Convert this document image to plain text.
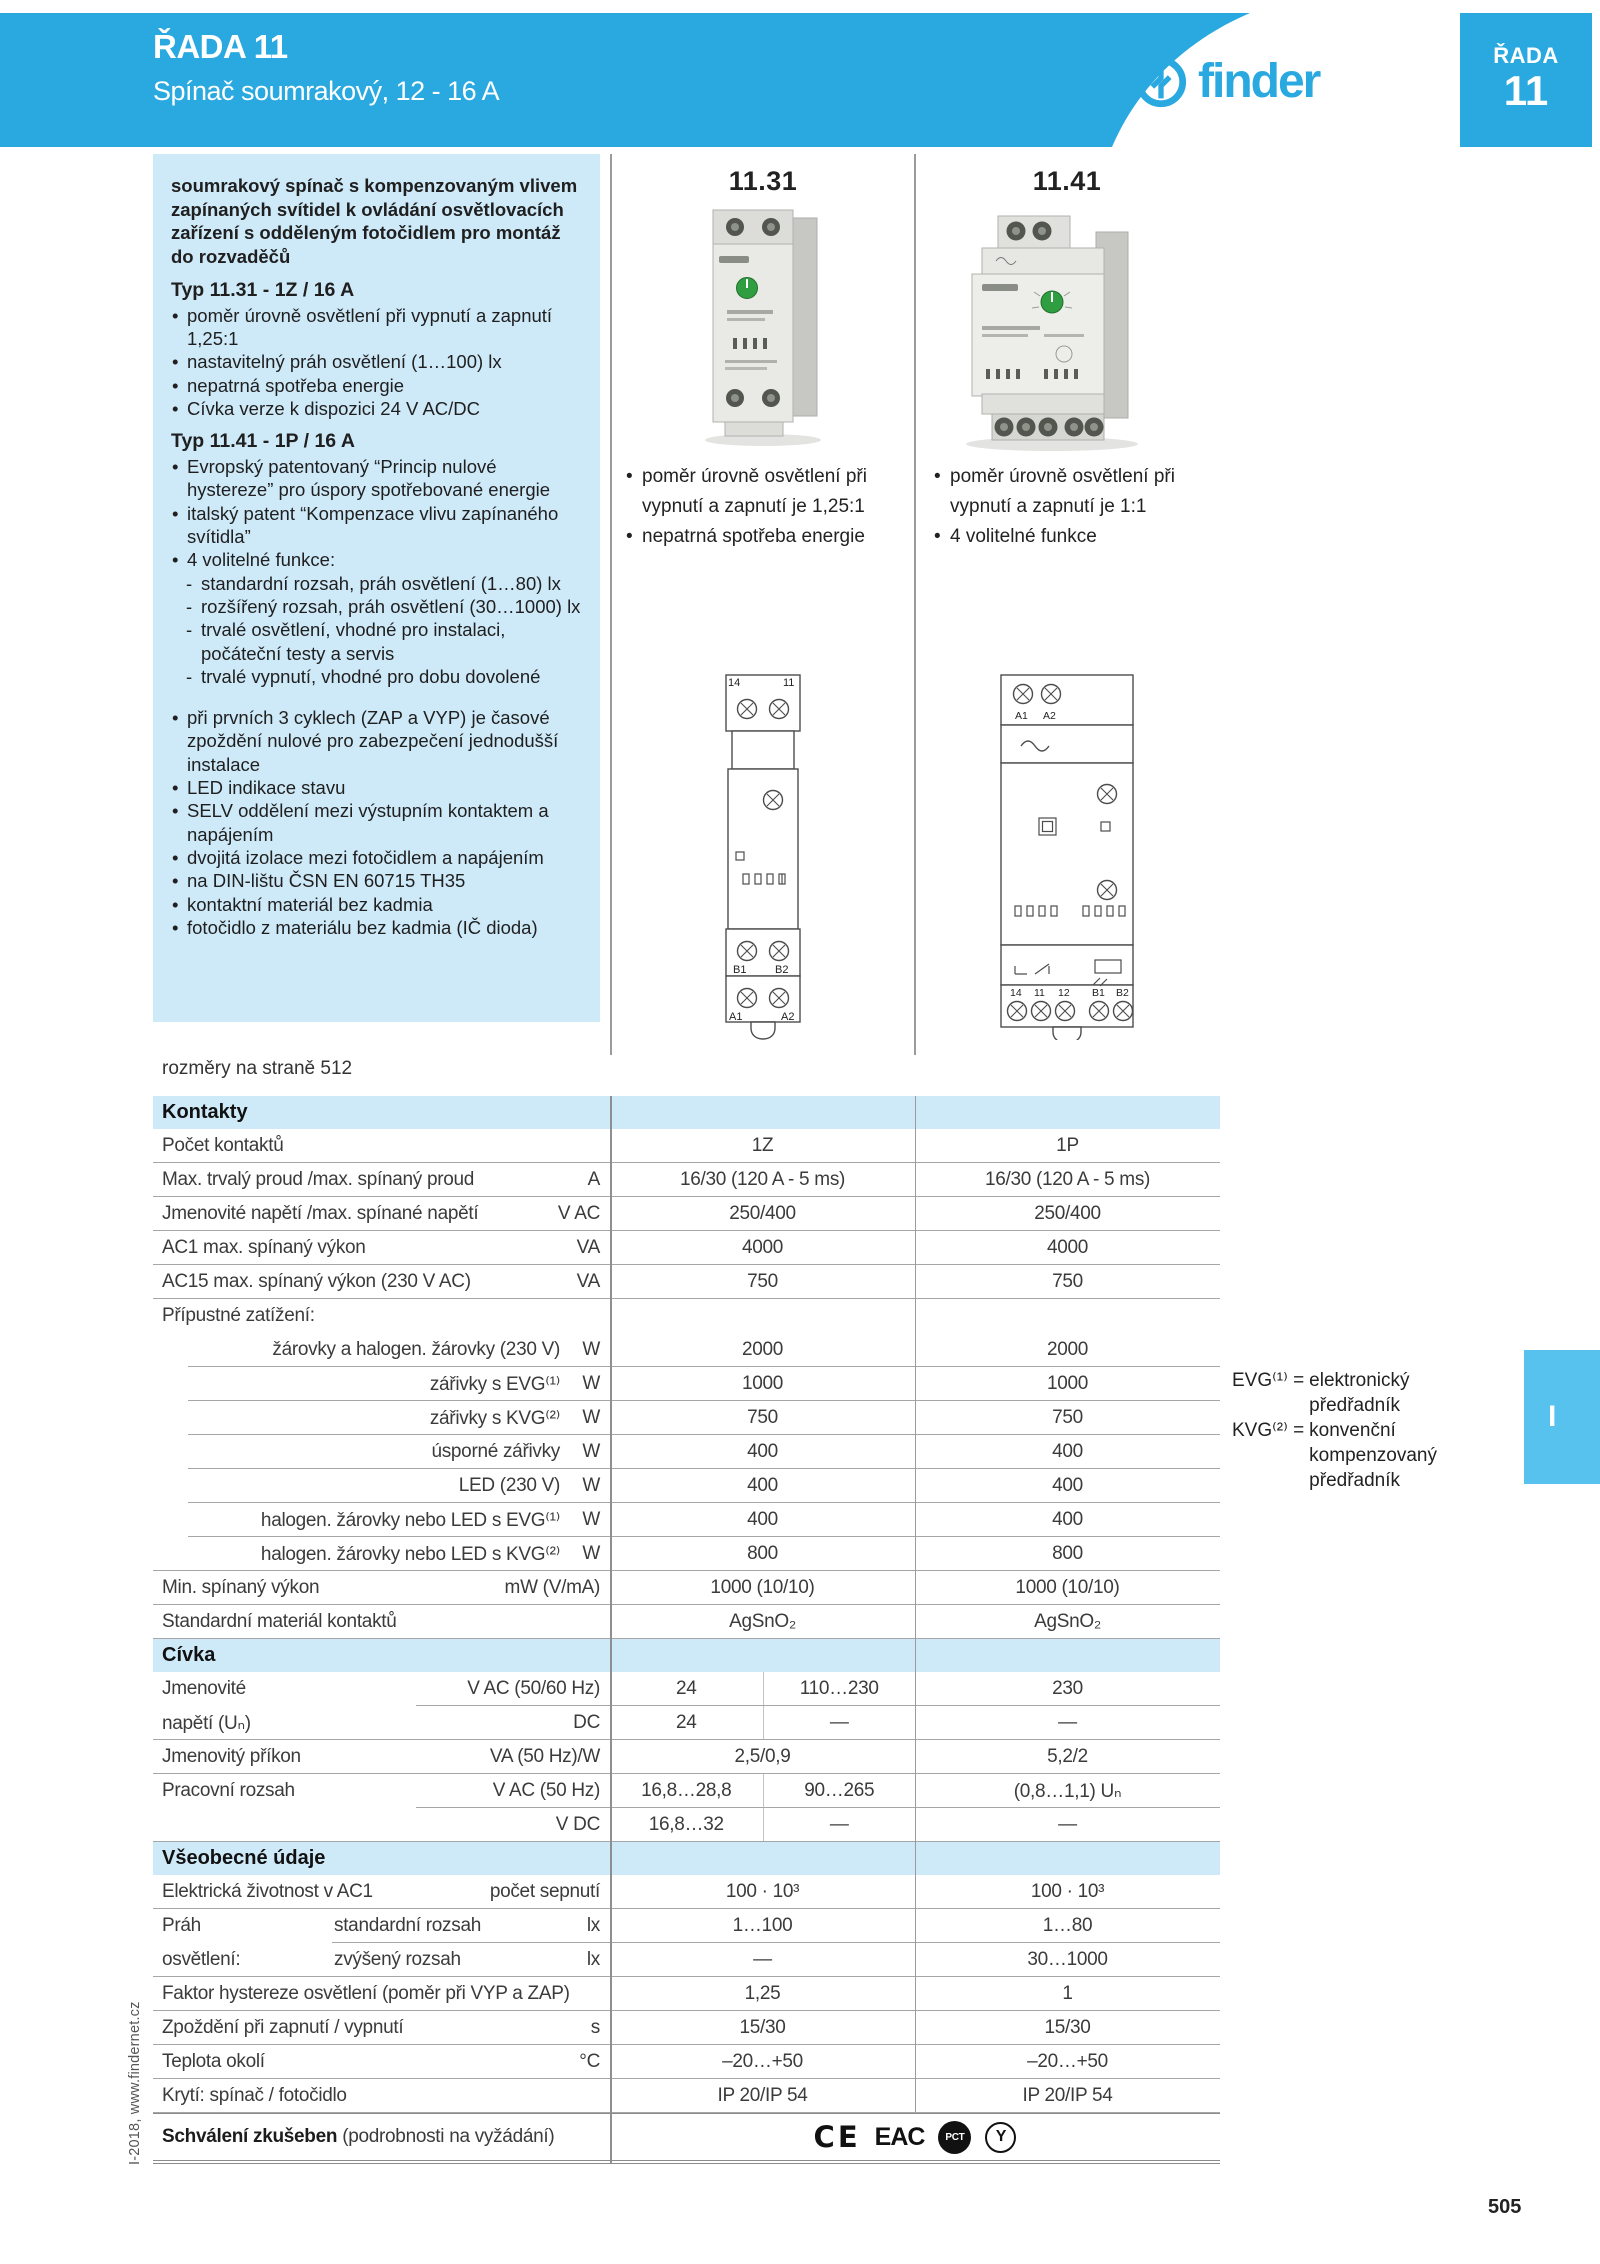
ŘADA 11
Spínač soumrakový, 12 - 16 A	finder	ŘADA
11
soumrakový spínač s kompenzovaným vlivem zapínaných svítidel k ovládání osvětlovacích zařízení s odděleným fotočidlem pro montáž do rozvaděčů
Typ 11.31 - 1Z / 16 A
• poměr úrovně osvětlení při vypnutí a zapnutí 1,25:1
• nastavitelný práh osvětlení (1…100) lx
• nepatrná spotřeba energie
• Cívka verze k dispozici 24 V AC/DC
Typ 11.41 - 1P / 16 A
• Evropský patentovaný “Princip nulové hystereze” pro úspory spotřebované energie
• italský patent “Kompenzace vlivu zapínaného svítidla”
• 4 volitelné funkce:
- standardní rozsah, práh osvětlení (1…80) lx
- rozšířený rozsah, práh osvětlení (30…1000) lx
- trvalé osvětlení, vhodné pro instalaci, počáteční testy a servis
- trvalé vypnutí, vhodné pro dobu dovolené
• při prvních 3 cyklech (ZAP a VYP) je časové zpoždění nulové pro zabezpečení jednodušší instalace
• LED indikace stavu
• SELV oddělení mezi výstupním kontaktem a napájením
• dvojitá izolace mezi fotočidlem a napájením
• na DIN-lištu ČSN EN 60715 TH35
• kontaktní materiál bez kadmia
• fotočidlo z materiálu bez kadmia (IČ dioda)
11.31	11.41
• poměr úrovně osvětlení při vypnutí a zapnutí je 1,25:1
• nepatrná spotřeba energie
• poměr úrovně osvětlení při vypnutí a zapnutí je 1:1
• 4 volitelné funkce
14	11
B1	B2
A1	A2
A1 A2
14 11 12 B1 B2
rozměry na straně 512
Kontakty
Počet kontaktů	1Z	1P
Max. trvalý proud /max. spínaný proud	A	16/30 (120 A - 5 ms)	16/30 (120 A - 5 ms)
Jmenovité napětí /max. spínané napětí	V AC	250/400	250/400
AC1 max. spínaný výkon	VA	4000	4000
AC15 max. spínaný výkon (230 V AC)	VA	750	750
Přípustné zatížení:
žárovky a halogen. žárovky (230 V)	W	2000	2000
zářivky s EVG⁽¹⁾	W	1000	1000
zářivky s KVG⁽²⁾	W	750	750
úsporné zářivky	W	400	400
LED (230 V)	W	400	400
halogen. žárovky nebo LED s EVG⁽¹⁾	W	400	400
halogen. žárovky nebo LED s KVG⁽²⁾	W	800	800
Min. spínaný výkon	mW (V/mA)	1000 (10/10)	1000 (10/10)
Standardní materiál kontaktů	AgSnO₂	AgSnO₂
Cívka
Jmenovité	V AC (50/60 Hz)	24	110…230	230
napětí (Uₙ)	DC	24	—	—
Jmenovitý příkon	VA (50 Hz)/W	2,5/0,9	5,2/2
Pracovní rozsah	V AC (50 Hz)	16,8…28,8	90…265	(0,8…1,1) Uₙ
V DC	16,8…32	—	—
Všeobecné údaje
Elektrická životnost v AC1	počet sepnutí	100 · 10³	100 · 10³
Práh	standardní rozsah	lx	1…100	1…80
osvětlení:	zvýšený rozsah	lx	—	30…1000
Faktor hystereze osvětlení (poměr při VYP a ZAP)	1,25	1
Zpoždění při zapnutí / vypnutí	s	15/30	15/30
Teplota okolí	°C	–20…+50	–20…+50
Krytí: spínač / fotočidlo	IP 20/IP 54	IP 20/IP 54
Schválení zkušeben (podrobnosti na vyžádání)	CE EAC PCT Y
EVG⁽¹⁾ = elektronický předřadník
KVG⁽²⁾ = konvenční kompenzovaný předřadník
I
I-2018, www.findernet.cz
505
